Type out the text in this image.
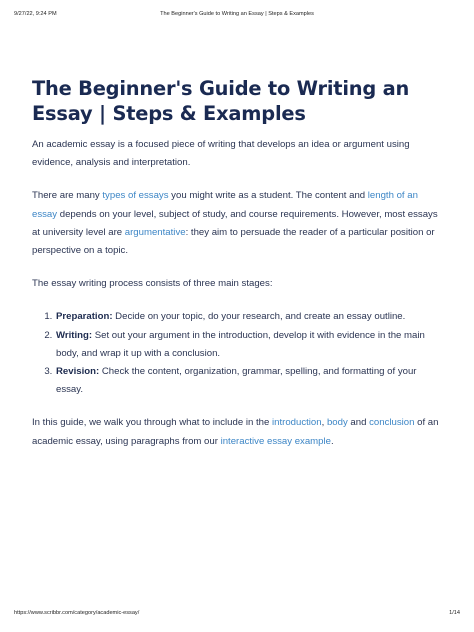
9/27/22, 9:24 PM	The Beginner's Guide to Writing an Essay | Steps & Examples
The Beginner's Guide to Writing an Essay | Steps & Examples

An academic essay is a focused piece of writing that develops an idea or argument using evidence, analysis and interpretation.

There are many types of essays you might write as a student. The content and length of an essay depends on your level, subject of study, and course requirements. However, most essays at university level are argumentative: they aim to persuade the reader of a particular position or perspective on a topic.

The essay writing process consists of three main stages:

1. Preparation: Decide on your topic, do your research, and create an essay outline.
2. Writing: Set out your argument in the introduction, develop it with evidence in the main body, and wrap it up with a conclusion.
3. Revision: Check the content, organization, grammar, spelling, and formatting of your essay.

In this guide, we walk you through what to include in the introduction, body and conclusion of an academic essay, using paragraphs from our interactive essay example.

https://www.scribbr.com/category/academic-essay/	1/14
